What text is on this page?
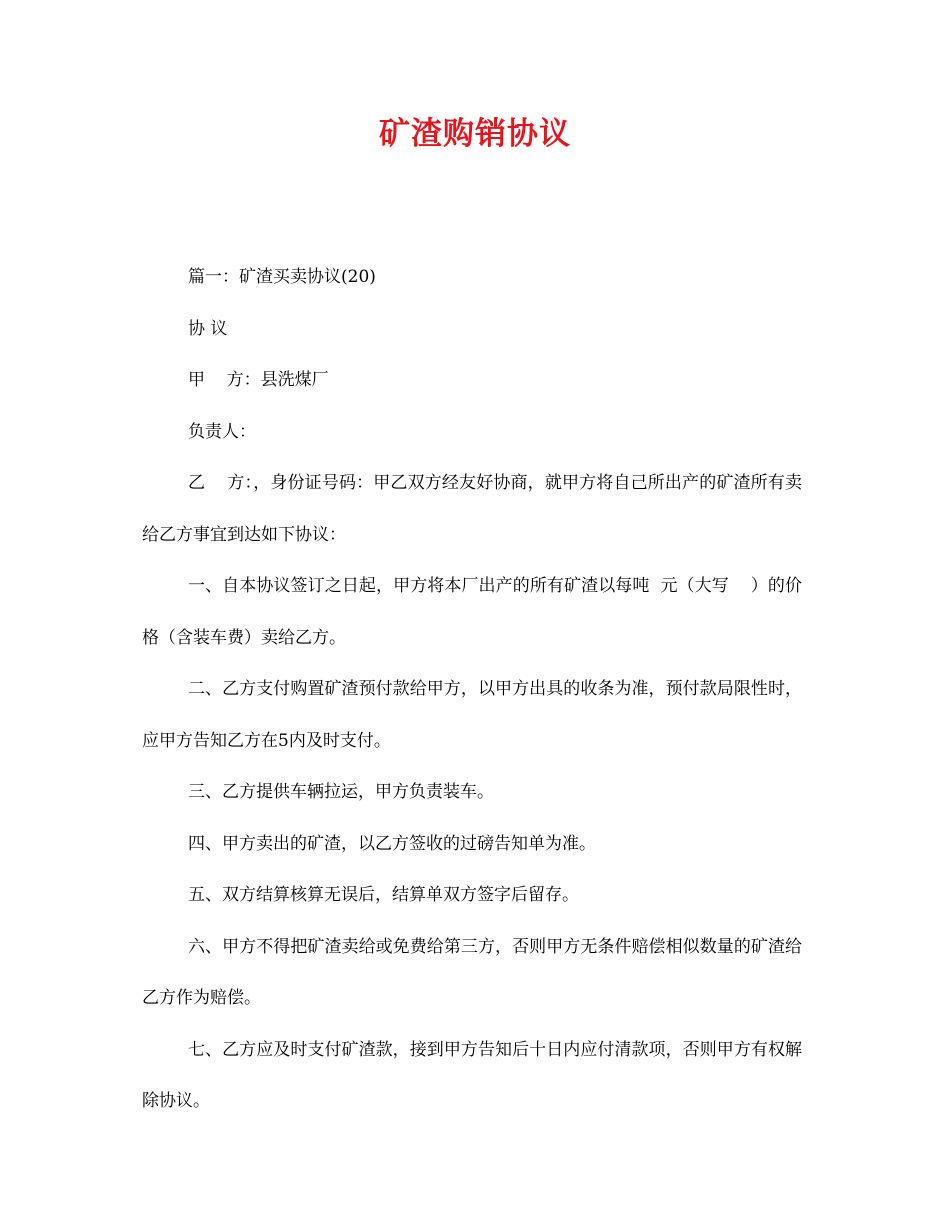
矿渣购销协议

篇一：矿渣买卖协议(20)

协 议

甲    方：县洗煤厂

负责人：

乙    方：，身份证号码：甲乙双方经友好协商，就甲方将自己所出产的矿渣所有卖给乙方事宜到达如下协议：

一、自本协议签订之日起，甲方将本厂出产的所有矿渣以每吨  元（大写    ）的价格（含装车费）卖给乙方。

二、乙方支付购置矿渣预付款给甲方，以甲方出具的收条为准，预付款局限性时，应甲方告知乙方在5内及时支付。

三、乙方提供车辆拉运，甲方负责装车。

四、甲方卖出的矿渣，以乙方签收的过磅告知单为准。

五、双方结算核算无误后，结算单双方签字后留存。

六、甲方不得把矿渣卖给或免费给第三方，否则甲方无条件赔偿相似数量的矿渣给乙方作为赔偿。

七、乙方应及时支付矿渣款，接到甲方告知后十日内应付清款项，否则甲方有权解除协议。
